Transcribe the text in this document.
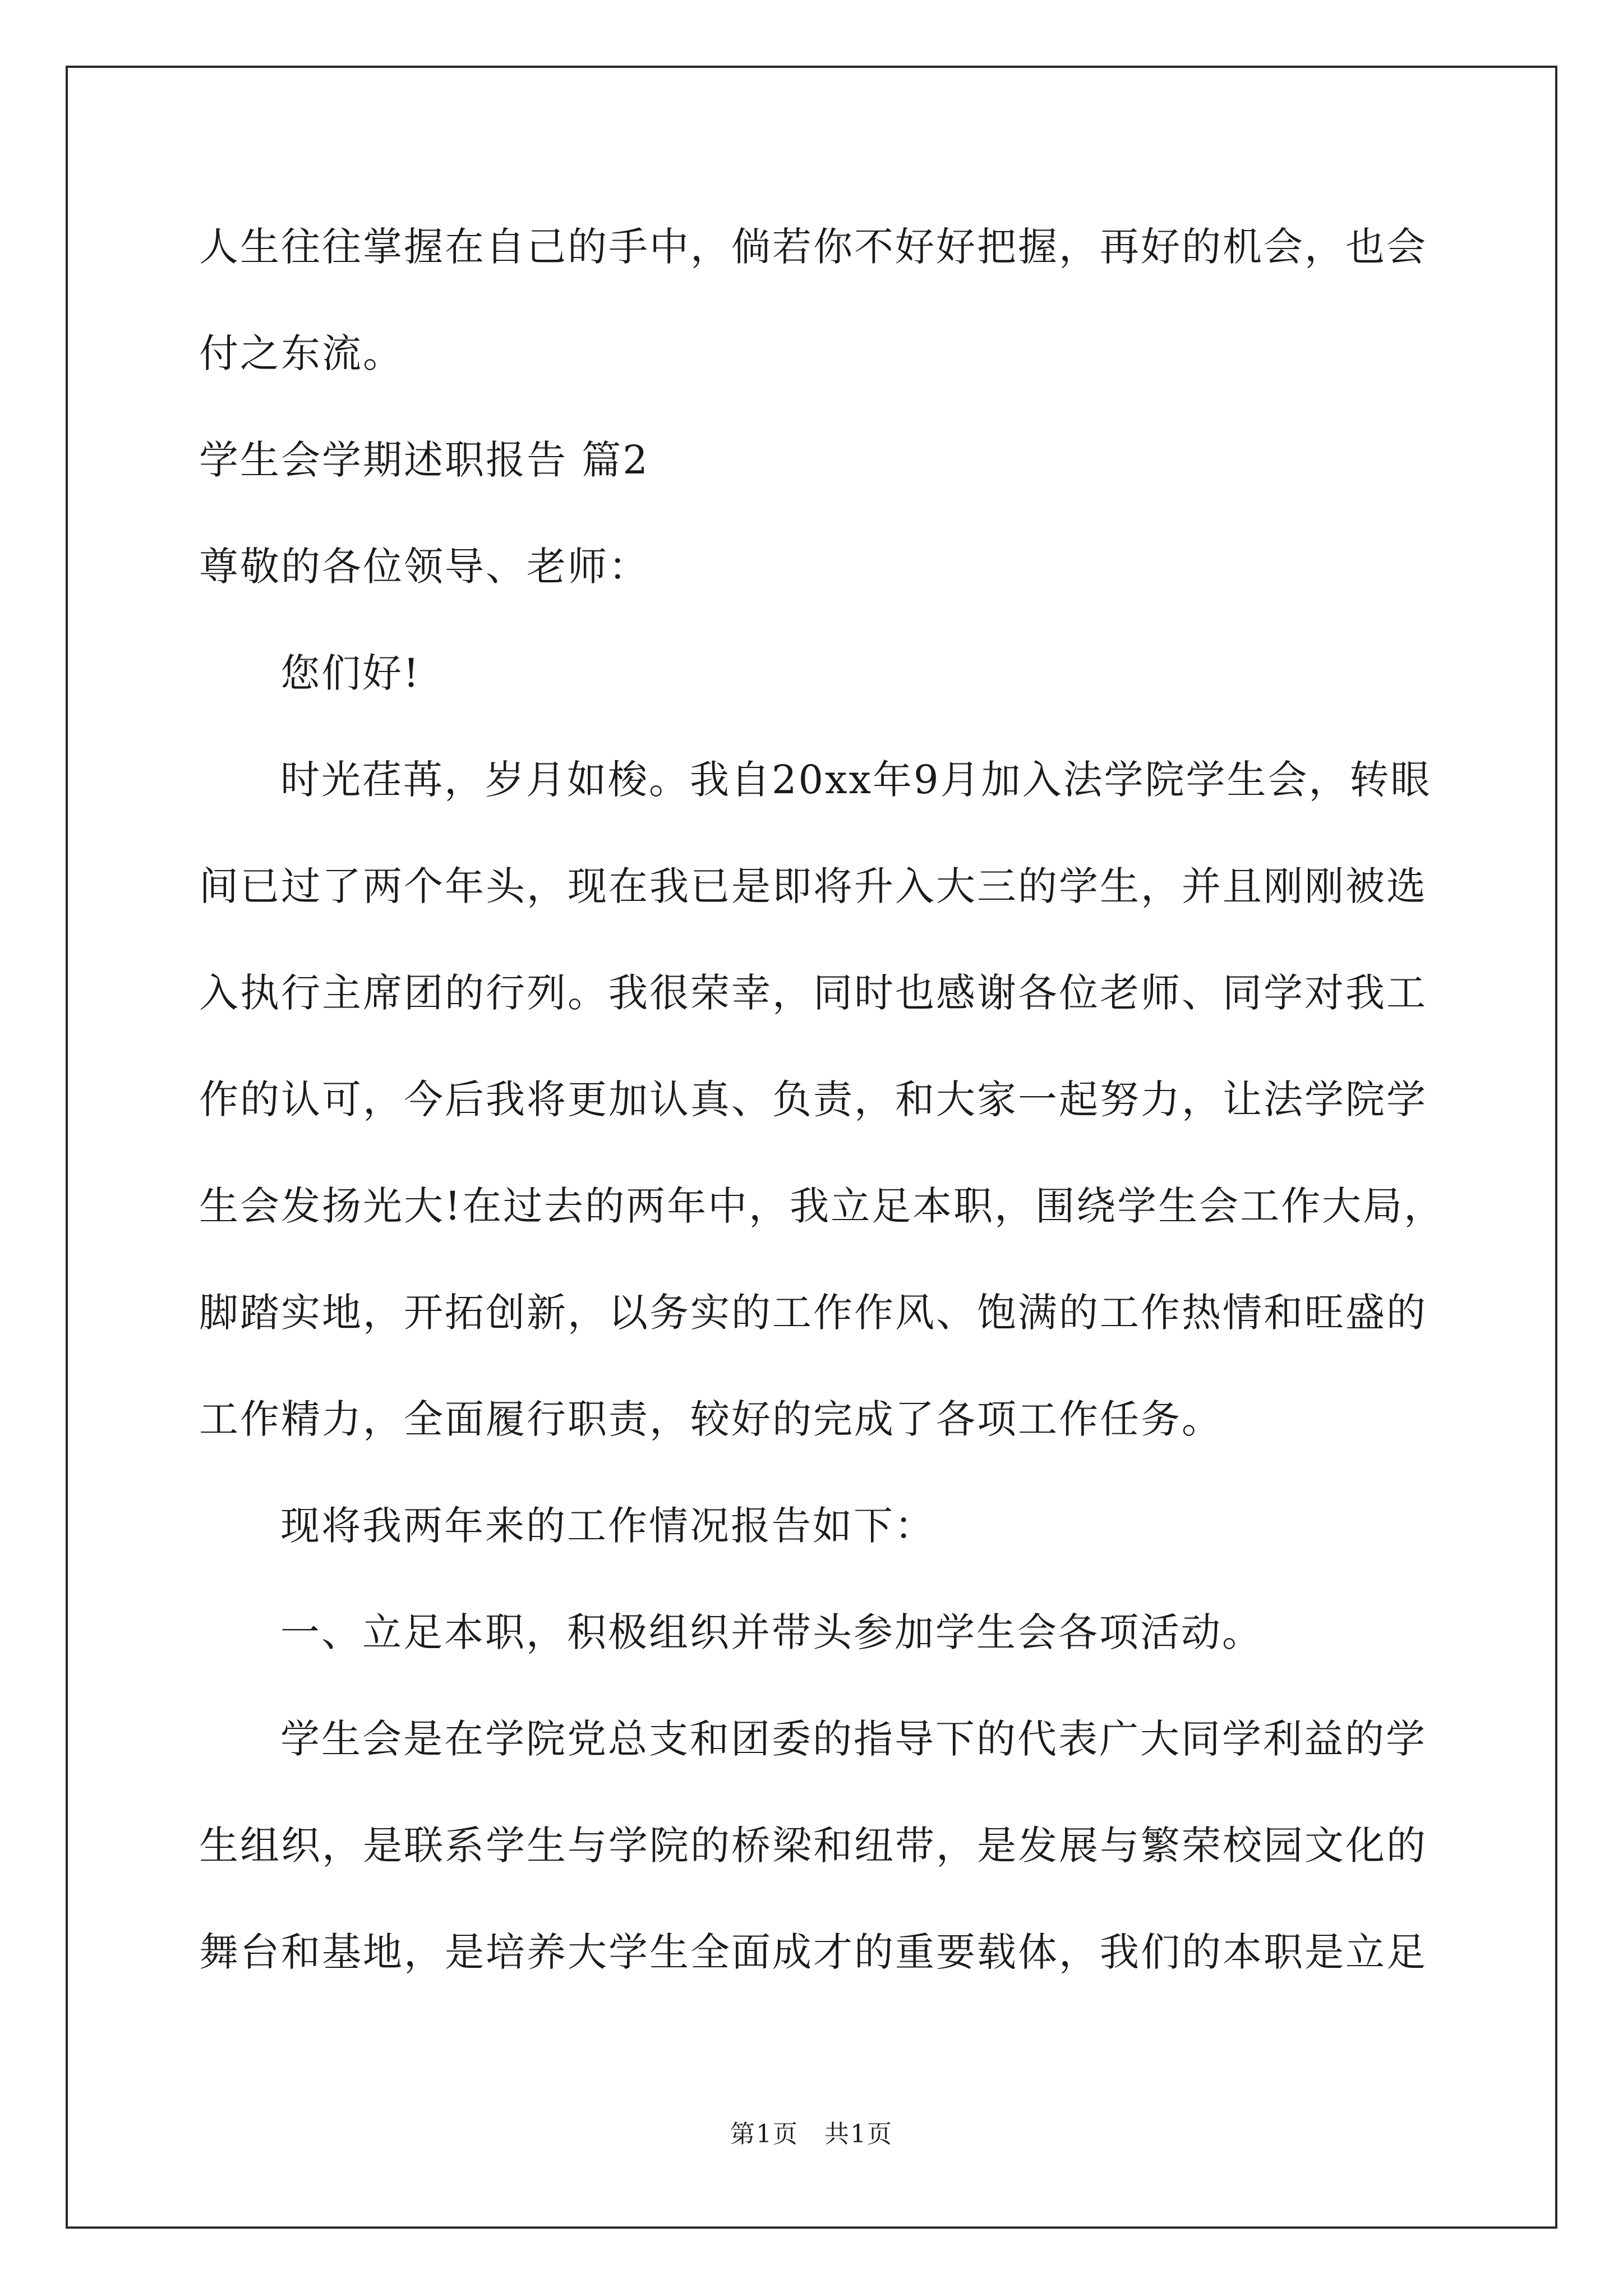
人生往往掌握在自己的手中，倘若你不好好把握，再好的机会，也会
付之东流。
学生会学期述职报告 篇2
尊敬的各位领导、老师：
您们好!
时光荏苒，岁月如梭。我自20xx年9月加入法学院学生会，转眼
间已过了两个年头，现在我已是即将升入大三的学生，并且刚刚被选
入执行主席团的行列。我很荣幸，同时也感谢各位老师、同学对我工
作的认可，今后我将更加认真、负责，和大家一起努力，让法学院学
生会发扬光大!在过去的两年中，我立足本职，围绕学生会工作大局，
脚踏实地，开拓创新，以务实的工作作风、饱满的工作热情和旺盛的
工作精力，全面履行职责，较好的完成了各项工作任务。
现将我两年来的工作情况报告如下：
一、立足本职，积极组织并带头参加学生会各项活动。
学生会是在学院党总支和团委的指导下的代表广大同学利益的学
生组织，是联系学生与学院的桥梁和纽带，是发展与繁荣校园文化的
舞台和基地，是培养大学生全面成才的重要载体，我们的本职是立足
第1页　共1页
